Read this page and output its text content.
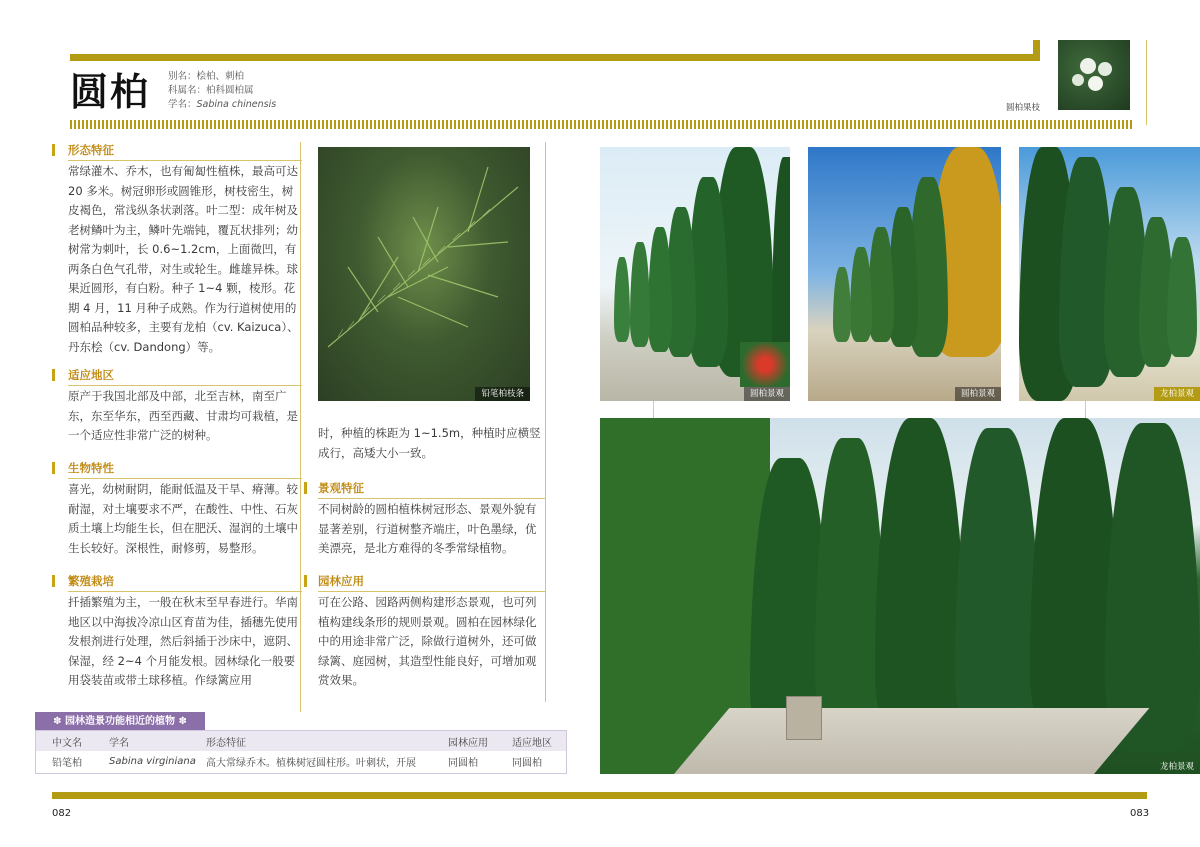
圆柏 别名：桧柏、刺柏
科属名：柏科圆柏属
学名：Sabina chinensis	圆柏果枝
形态特征
常绿灌木、乔木，也有匍匐性植株，最高可达 20 多米。树冠卵形或圆锥形，树枝密生，树皮褐色，常浅纵条状剥落。叶二型：成年树及老树鳞叶为主，鳞叶先端钝，覆瓦状排列；幼树常为刺叶，长 0.6~1.2cm，上面微凹，有两条白色气孔带，对生或轮生。雌雄异株。球果近圆形，有白粉。种子 1~4 颗，棱形。花期 4 月，11 月种子成熟。作为行道树使用的圆柏品种较多，主要有龙柏（cv. Kaizuca）、丹东桧（cv. Dandong）等。
适应地区
原产于我国北部及中部，北至吉林，南至广东，东至华东，西至西藏、甘肃均可栽植，是一个适应性非常广泛的树种。
生物特性
喜光，幼树耐阴，能耐低温及干旱、瘠薄。较耐湿，对土壤要求不严，在酸性、中性、石灰质土壤上均能生长，但在肥沃、湿润的土壤中生长较好。深根性，耐修剪，易整形。
繁殖栽培
扦插繁殖为主，一般在秋末至早春进行。华南地区以中海拔冷凉山区育苗为佳，插穗先使用发根剂进行处理，然后斜插于沙床中，遮阴、保湿，经 2~4 个月能发根。园林绿化一般要用袋装苗或带土球移植。作绿篱应用
铅笔柏枝条
时，种植的株距为 1~1.5m，种植时应横竖成行，高矮大小一致。
景观特征
不同树龄的圆柏植株树冠形态、景观外貌有显著差别，行道树整齐端庄，叶色墨绿，优美漂亮，是北方难得的冬季常绿植物。
园林应用
可在公路、园路两侧构建形态景观，也可列植构建线条形的规则景观。圆柏在园林绿化中的用途非常广泛，除做行道树外，还可做绿篱、庭园树，其造型性能良好，可增加观赏效果。
✽ 园林造景功能相近的植物 ✽
中文名	学名	形态特征	园林应用	适应地区
铅笔柏	Sabina virginiana	高大常绿乔木。植株树冠圆柱形。叶刺状，开展	同圆柏	同圆柏
圆柏景观	圆柏景观	龙柏景观
龙柏景观
082	083
